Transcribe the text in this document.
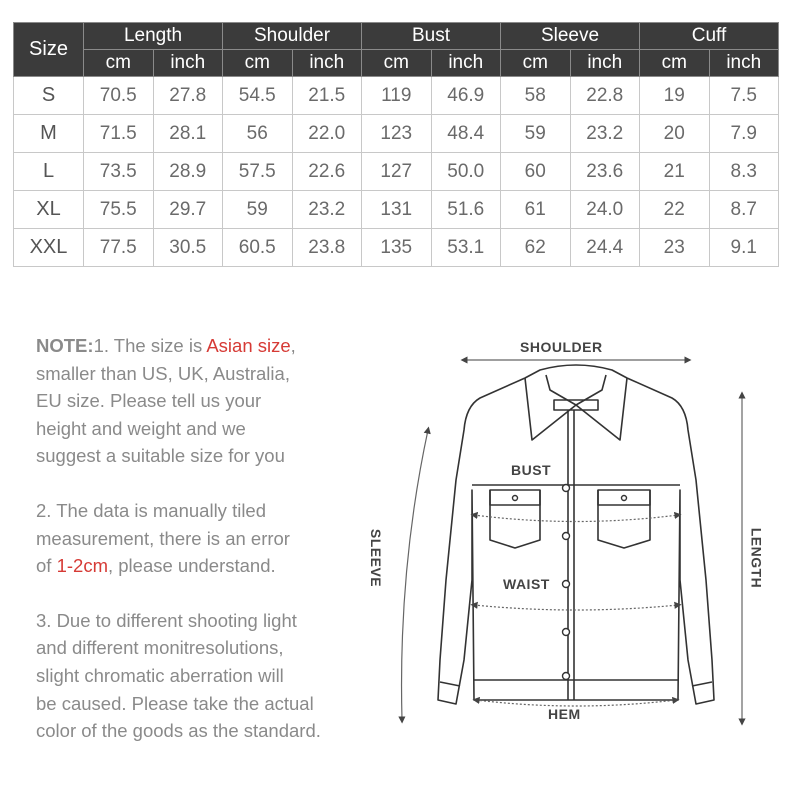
Size	Length		Shoulder		Bust		Sleeve		Cuff	
	cm	inch	cm	inch	cm	inch	cm	inch	cm	inch
S	70.5	27.8	54.5	21.5	119	46.9	58	22.8	19	7.5
M	71.5	28.1	56	22.0	123	48.4	59	23.2	20	7.9
L	73.5	28.9	57.5	22.6	127	50.0	60	23.6	21	8.3
XL	75.5	29.7	59	23.2	131	51.6	61	24.0	22	8.7
XXL	77.5	30.5	60.5	23.8	135	53.1	62	24.4	23	9.1

NOTE:1. The size is Asian size,
smaller than US, UK, Australia,
EU size. Please tell us your
height and weight and we
suggest a suitable size for you

2. The data is manually tiled
measurement, there is an error
of 1-2cm, please understand.

3. Due to different shooting light
and different monitresolutions,
slight chromatic aberration will
be caused. Please take the actual
color of the goods as the standard.

SHOULDER
BUST
WAIST
HEM
SLEEVE	LENGTH
